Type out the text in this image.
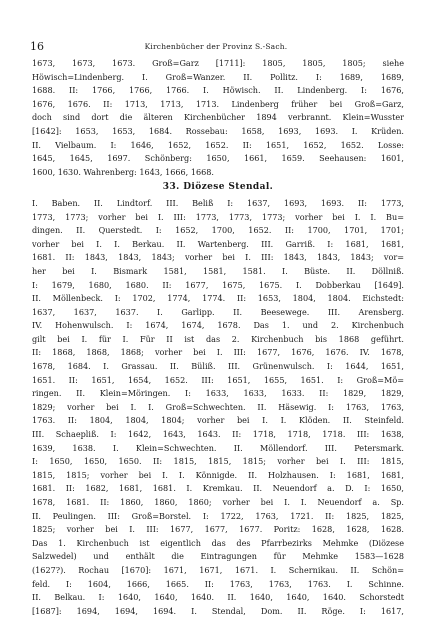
16	Kirchenbücher der Provinz S.-Sach.
1673, 1673, 1673. Groß=Garz [1711]: 1805, 1805, 1805; siehe
Höwisch=Lindenberg. I. Groß=Wanzer. II. Pollitz. I: 1689, 1689,
1688. II: 1766, 1766, 1766. I. Höwisch. II. Lindenberg. I: 1676,
1676, 1676. II: 1713, 1713, 1713. Lindenberg früher bei Groß=Garz,
doch sind dort die älteren Kirchenbücher 1894 verbrannt. Klein=Wusster
[1642]: 1653, 1653, 1684. Rossebau: 1658, 1693, 1693. I. Krüden.
II. Vielbaum. I: 1646, 1652, 1652. II: 1651, 1652, 1652. Losse:
1645, 1645, 1697. Schönberg: 1650, 1661, 1659. Seehausen: 1601,
1600, 1630. Wahrenberg: 1643, 1666, 1668.
33. Diözese Stendal.
I. Baben. II. Lindtorf. III. Beliß I: 1637, 1693, 1693. II: 1773,
1773, 1773; vorher bei I. III: 1773, 1773, 1773; vorher bei I. I. Bu=
dingen. II. Querstedt. I: 1652, 1700, 1652. II: 1700, 1701, 1701;
vorher bei I. I. Berkau. II. Wartenberg. III. Garriß. I: 1681, 1681,
1681. II: 1843, 1843, 1843; vorher bei I. III: 1843, 1843, 1843; vor=
her bei I. Bismark 1581, 1581, 1581. I. Büste. II. Döllniß.
I: 1679, 1680, 1680. II: 1677, 1675, 1675. I. Dobberkau [1649].
II. Möllenbeck. I: 1702, 1774, 1774. II: 1653, 1804, 1804. Eichstedt:
1637, 1637, 1637. I. Garlipp. II. Beesewege. III. Arensberg.
IV. Hohenwulsch. I: 1674, 1674, 1678. Das 1. und 2. Kirchenbuch
gilt bei I. für I. Für II ist das 2. Kirchenbuch bis 1868 geführt.
II: 1868, 1868, 1868; vorher bei I. III: 1677, 1676, 1676. IV. 1678,
1678, 1684. I. Grassau. II. Büliß. III. Grünenwulsch. I: 1644, 1651,
1651. II: 1651, 1654, 1652. III: 1651, 1655, 1651. I: Groß=Mö=
ringen. II. Klein=Möringen. I: 1633, 1633, 1633. II: 1829, 1829,
1829; vorher bei I. I. Groß=Schwechten. II. Häsewig. I: 1763, 1763,
1763. II: 1804, 1804, 1804; vorher bei I. I. Klöden. II. Steinfeld.
III. Schaepliß. I: 1642, 1643, 1643. II: 1718, 1718, 1718. III: 1638,
1639, 1638. I. Klein=Schwechten. II. Möllendorf. III. Petersmark.
I: 1650, 1650, 1650. II: 1815, 1815, 1815; vorher bei I. III: 1815,
1815, 1815; vorher bei I. I. Könnigde. II. Holzhausen. I: 1681, 1681,
1681. II: 1682, 1681, 1681. I. Kremkau. II. Neuendorf a. D. I: 1650,
1678, 1681. II: 1860, 1860, 1860; vorher bei I. I. Neuendorf a. Sp.
II. Peulingen. III: Groß=Borstel. I: 1722, 1763, 1721. II: 1825, 1825,
1825; vorher bei I. III: 1677, 1677, 1677. Poritz: 1628, 1628, 1628.
Das 1. Kirchenbuch ist eigentlich das des Pfarrbezirks Mehmke (Diözese
Salzwedel) und enthält die Eintragungen für Mehmke 1583—1628
(1627?). Rochau [1670]: 1671, 1671, 1671. I. Schernikau. II. Schön=
feld. I: 1604, 1666, 1665. II: 1763, 1763, 1763. I. Schinne.
II. Belkau. I: 1640, 1640, 1640. II. 1640, 1640, 1640. Schorstedt
[1687]: 1694, 1694, 1694. I. Stendal, Dom. II. Röge. I: 1617,
